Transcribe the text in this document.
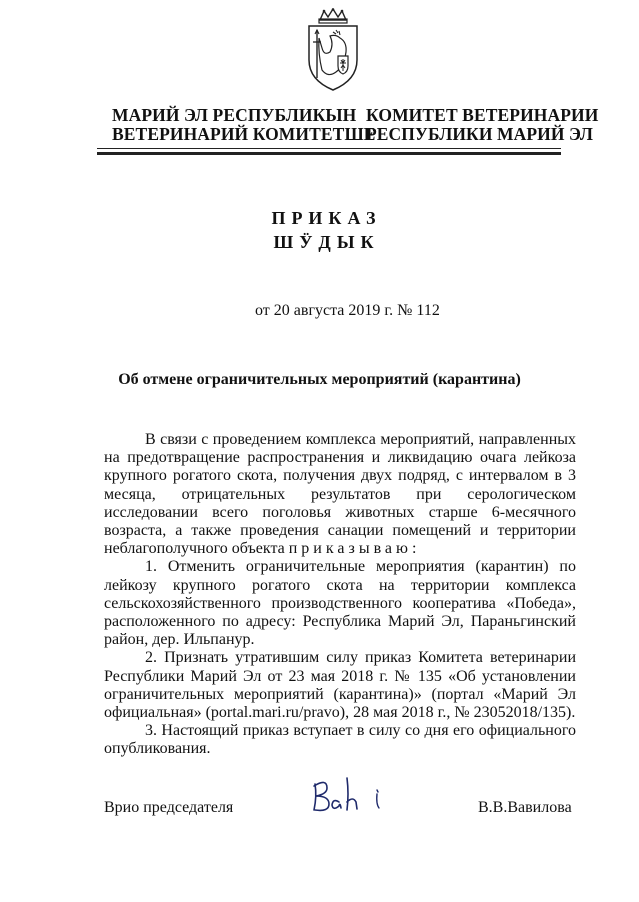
МАРИЙ ЭЛ РЕСПУБЛИКЫН
ВЕТЕРИНАРИЙ КОМИТЕТШЕ
КОМИТЕТ ВЕТЕРИНАРИИ
РЕСПУБЛИКИ МАРИЙ ЭЛ
ПРИКАЗ
ШӰДЫК
от 20 августа 2019 г. № 112
Об отмене ограничительных мероприятий (карантина)

В связи с проведением комплекса мероприятий, направленных на предотвращение распространения и ликвидацию очага лейкоза крупного рогатого скота, получения двух подряд, с интервалом в 3 месяца, отрицательных результатов при серологическом исследовании всего поголовья животных старше 6-месячного возраста, а также проведения санации помещений и территории неблагополучного объекта приказываю:

1. Отменить ограничительные мероприятия (карантин) по лейкозу крупного рогатого скота на территории комплекса сельскохозяйственного производственного кооператива «Победа», расположенного по адресу: Республика Марий Эл, Параньгинский район, дер. Ильпанур.

2. Признать утратившим силу приказ Комитета ветеринарии Республики Марий Эл от 23 мая 2018 г. № 135 «Об установлении ограничительных мероприятий (карантина)» (портал «Марий Эл официальная» (portal.mari.ru/pravo), 28 мая 2018 г., № 23052018/135).

3. Настоящий приказ вступает в силу со дня его официального опубликования.

Врио председателя	В.В.Вавилова
